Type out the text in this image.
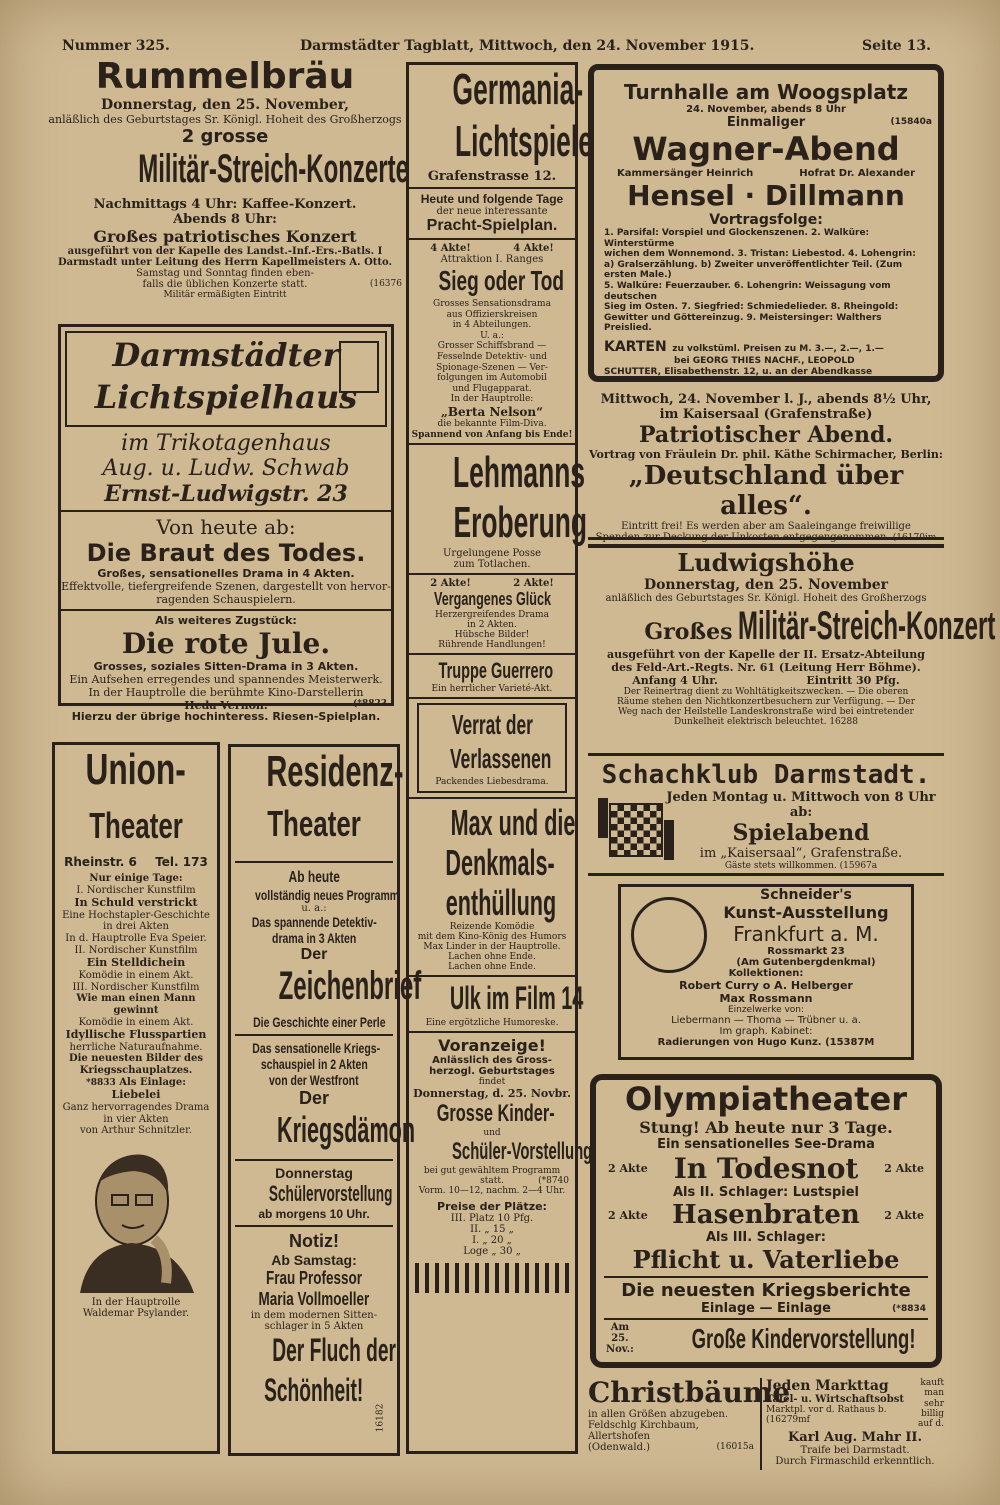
Nummer 325.	Darmstädter Tagblatt, Mittwoch, den 24. November 1915.	Seite 13.
Rummelbräu
Donnerstag, den 25. November,
anläßlich des Geburtstages Sr. Königl. Hoheit des Großherzogs
2 grosse
Militär-Streich-Konzerte
Nachmittags 4 Uhr: Kaffee-Konzert.
Abends 8 Uhr:
Großes patriotisches Konzert
ausgeführt von der Kapelle des Landst.-Inf.-Ers.-Batls. I
Darmstadt unter Leitung des Herrn Kapellmeisters A. Otto.
Samstag und Sonntag finden eben-
falls die üblichen Konzerte statt.	(16376
Militär ermäßigten Eintritt
Darmstädter
Lichtspielhaus
im Trikotagenhaus
Aug. u. Ludw. Schwab
Ernst-Ludwigstr. 23
Von heute ab:
Die Braut des Todes.
Großes, sensationelles Drama in 4 Akten.
Effektvolle, tiefergreifende Szenen, dargestellt von hervor-
ragenden Schauspielern.
Als weiteres Zugstück:
Die rote Jule.
Grosses, soziales Sitten-Drama in 3 Akten.
Ein Aufsehen erregendes und spannendes Meisterwerk.
In der Hauptrolle die berühmte Kino-Darstellerin
Heda Vernon.	(*8823
Hierzu der übrige hochinteress. Riesen-Spielplan.
Union-
Theater
Rheinstr. 6 Tel. 173
Nur einige Tage:
I. Nordischer Kunstfilm
In Schuld verstrickt
Eine Hochstapler-Geschichte
in drei Akten
In d. Hauptrolle Eva Speier.
II. Nordischer Kunstfilm
Ein Stelldichein
Komödie in einem Akt.
III. Nordischer Kunstfilm
Wie man einen Mann gewinnt
Komödie in einem Akt.
Idyllische Flusspartien
herrliche Naturaufnahme.
Die neuesten Bilder des
Kriegsschauplatzes.
*8833 Als Einlage:
Liebelei
Ganz hervorragendes Drama
in vier Akten
von Arthur Schnitzler.
In der Hauptrolle
Waldemar Psylander.
Residenz-
Theater
Ab heute
vollständig neues Programm
u. a.:
Das spannende Detektiv-
drama in 3 Akten
Der
Zeichenbrief
Die Geschichte einer Perle
Das sensationelle Kriegs-
schauspiel in 2 Akten
von der Westfront
Der
Kriegsdämon
Donnerstag
Schülervorstellung
ab morgens 10 Uhr.
Notiz!
Ab Samstag:
Frau Professor
Maria Vollmoeller
in dem modernen Sitten-
schlager in 5 Akten
Der Fluch der
Schönheit!
16182
Germania-
Lichtspiele
Grafenstrasse 12.
Heute und folgende Tage
der neue interessante
Pracht-Spielplan.
4 Akte!	4 Akte!
Attraktion I. Ranges
Sieg oder Tod
Grosses Sensationsdrama
aus Offizierskreisen
in 4 Abteilungen.
U. a.:
Grosser Schiffsbrand —
Fesselnde Detektiv- und
Spionage-Szenen — Ver-
folgungen im Automobil
und Flugapparat.
In der Hauptrolle:
„Berta Nelson“
die bekannte Film-Diva.
Spannend von Anfang bis Ende!
Lehmanns
Eroberung
Urgelungene Posse
zum Totlachen.
2 Akte!	2 Akte!
Vergangenes Glück
Herzergreifendes Drama
in 2 Akten.
Hübsche Bilder!
Rührende Handlungen!
Truppe Guerrero
Ein herrlicher Varieté-Akt.
Verrat der
Verlassenen
Packendes Liebesdrama.
Max und die
Denkmals-
enthüllung
Reizende Komödie
mit dem Kino-König des Humors
Max Linder in der Hauptrolle.
Lachen ohne Ende.
Lachen ohne Ende.
Ulk im Film 14
Eine ergötzliche Humoreske.
Voranzeige!
Anlässlich des Gross-
herzogl. Geburtstages
findet
Donnerstag, d. 25. Novbr.
Grosse Kinder-
und
Schüler-Vorstellung
bei gut gewähltem Programm
statt.	(*8740
Vorm. 10—12, nachm. 2—4 Uhr.
Preise der Plätze:
III. Platz 10 Pfg.
II. „ 15 „
I. „ 20 „
Loge „ 30 „
Turnhalle am Woogsplatz
24. November, abends 8 Uhr
Einmaliger	(15840a
Wagner-Abend
Kammersänger Heinrich	Hofrat Dr. Alexander
Hensel · Dillmann
Vortragsfolge:
1. Parsifal: Vorspiel und Glockenszenen. 2. Walküre: Winterstürme
wichen dem Wonnemond. 3. Tristan: Liebestod. 4. Lohengrin:
a) Gralserzählung. b) Zweiter unveröffentlichter Teil. (Zum ersten Male.)
5. Walküre: Feuerzauber. 6. Lohengrin: Weissagung vom deutschen
Sieg im Osten. 7. Siegfried: Schmiedelieder. 8. Rheingold:
Gewitter und Göttereinzug. 9. Meistersinger: Walthers Preislied.
KARTEN zu volkstüml. Preisen zu M. 3.—, 2.—, 1.—
bei GEORG THIES NACHF., LEOPOLD
SCHUTTER, Elisabethenstr. 12, u. an der Abendkasse
Mittwoch, 24. November l. J., abends 8½ Uhr,
im Kaisersaal (Grafenstraße)
Patriotischer Abend.
Vortrag von Fräulein Dr. phil. Käthe Schirmacher, Berlin:
„Deutschland über alles“.
Eintritt frei! Es werden aber am Saaleingange freiwillige
Spenden zur Deckung der Unkosten entgegengenommen. (16170im
Ludwigshöhe
Donnerstag, den 25. November
anläßlich des Geburtstages Sr. Königl. Hoheit des Großherzogs
Großes Militär-Streich-Konzert
ausgeführt von der Kapelle der II. Ersatz-Abteilung
des Feld-Art.-Regts. Nr. 61 (Leitung Herr Böhme).
Anfang 4 Uhr.	Eintritt 30 Pfg.
Der Reinertrag dient zu Wohltätigkeitszwecken. — Die oberen
Räume stehen den Nichtkonzertbesuchern zur Verfügung. — Der
Weg nach der Heilstelle Landeskronstraße wird bei eintretender
Dunkelheit elektrisch beleuchtet. 16288
Schachklub Darmstadt.
Jeden Montag u. Mittwoch von 8 Uhr ab:
Spielabend
im „Kaisersaal“, Grafenstraße.
Gäste stets willkommen. (15967a
Schneider's
Kunst-Ausstellung
Frankfurt a. M.
Rossmarkt 23
(Am Gutenbergdenkmal)
Kollektionen:
Robert Curry o A. Helberger
Max Rossmann
Einzelwerke von:
Liebermann — Thoma — Trübner u. a.
Im graph. Kabinet:
Radierungen von Hugo Kunz. (15387M
Olympiatheater
Stung! Ab heute nur 3 Tage.
Ein sensationelles See-Drama
2 Akte In Todesnot 2 Akte
Als II. Schlager: Lustspiel
2 Akte Hasenbraten 2 Akte
Als III. Schlager:
Pflicht u. Vaterliebe
Die neuesten Kriegsberichte
Einlage — Einlage	(*8834
Am
25. Nov.:	Große Kindervorstellung!
Christbäume
in allen Größen abzugeben.
Feldschlg Kirchbaum, Allertshofen
(Odenwald.)	(16015a
Jeden Markttag
Tafel- u. Wirtschaftsobst
Marktpl. vor d. Rathaus b. (16279mf
kauft man
sehr billig
auf d.
Karl Aug. Mahr II.
Traife bei Darmstadt.
Durch Firmaschild erkenntlich.
